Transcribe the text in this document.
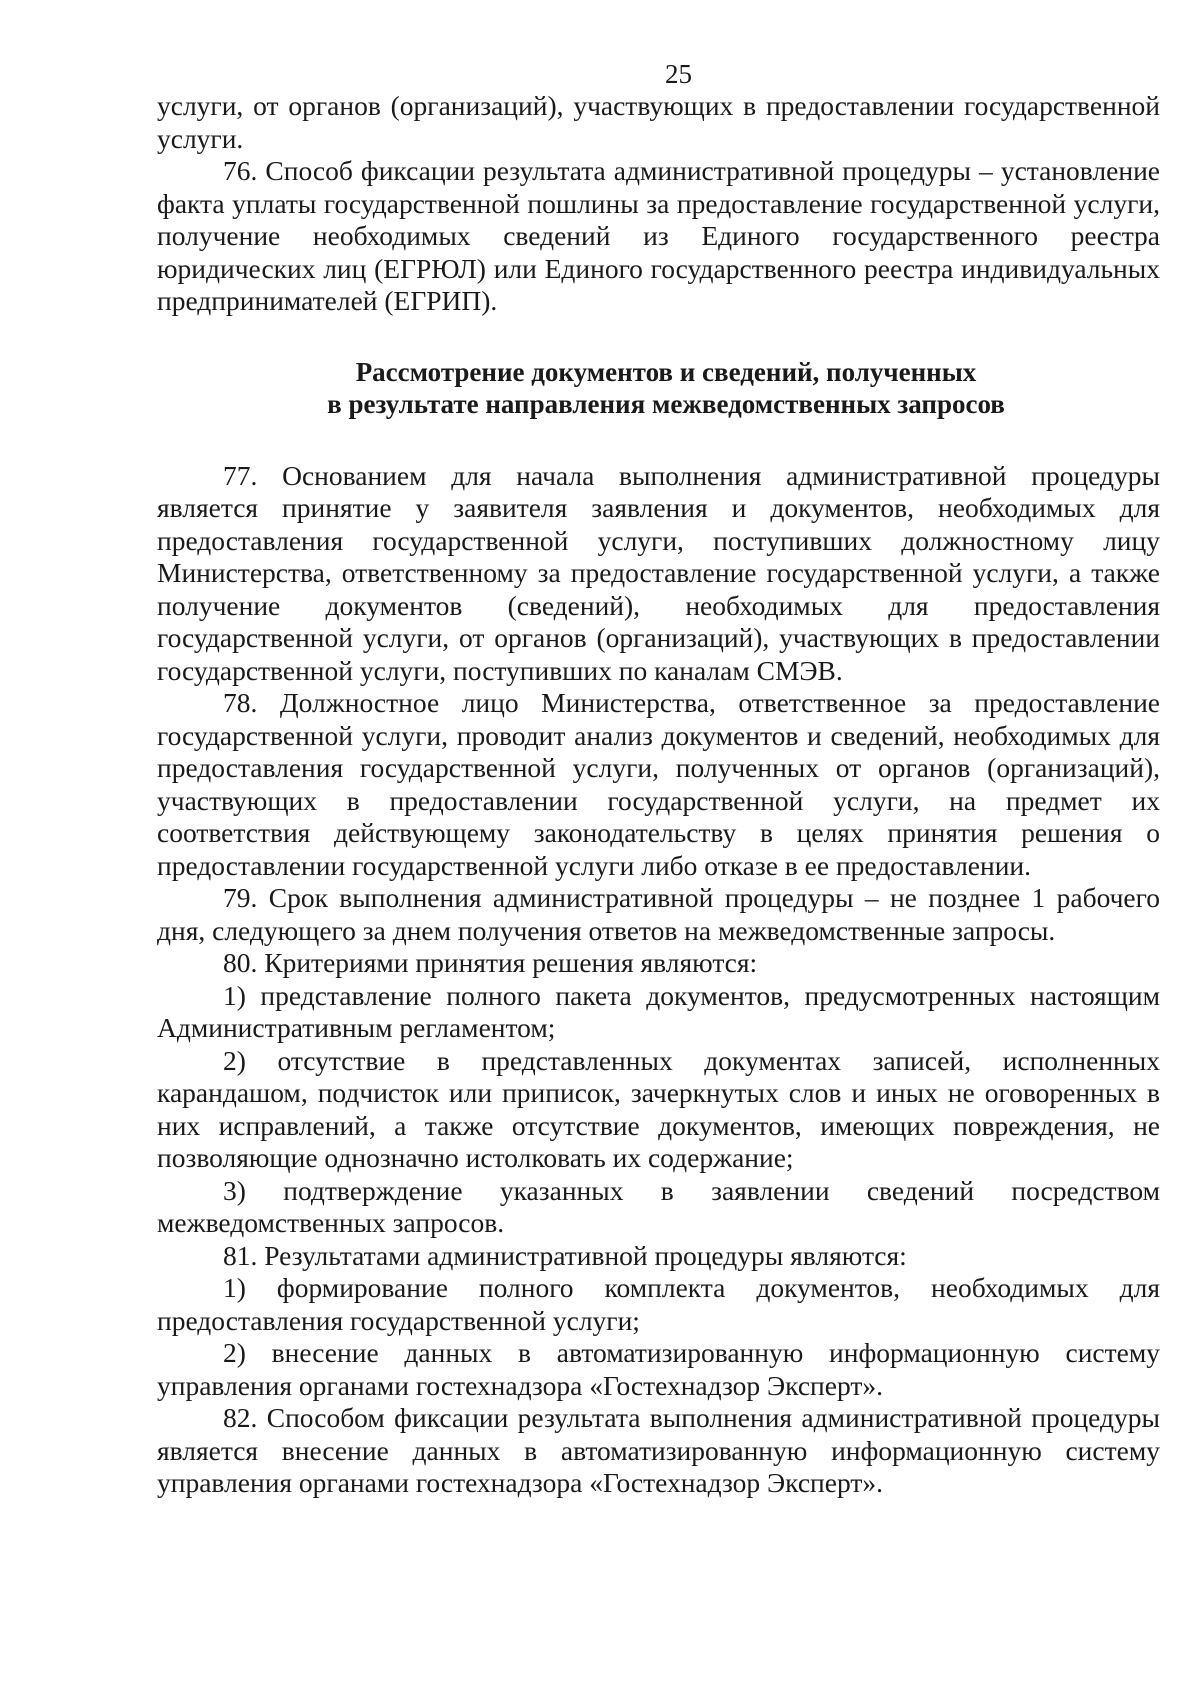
25

услуги, от органов (организаций), участвующих в предоставлении государственной услуги.

76. Способ фиксации результата административной процедуры – установление факта уплаты государственной пошлины за предоставление государственной услуги, получение необходимых сведений из Единого государственного реестра юридических лиц (ЕГРЮЛ) или Единого государственного реестра индивидуальных предпринимателей (ЕГРИП).

Рассмотрение документов и сведений, полученных
в результате направления межведомственных запросов

77. Основанием для начала выполнения административной процедуры является принятие у заявителя заявления и документов, необходимых для предоставления государственной услуги, поступивших должностному лицу Министерства, ответственному за предоставление государственной услуги, а также получение документов (сведений), необходимых для предоставления государственной услуги, от органов (организаций), участвующих в предоставлении государственной услуги, поступивших по каналам СМЭВ.

78. Должностное лицо Министерства, ответственное за предоставление государственной услуги, проводит анализ документов и сведений, необходимых для предоставления государственной услуги, полученных от органов (организаций), участвующих в предоставлении государственной услуги, на предмет их соответствия действующему законодательству в целях принятия решения о предоставлении государственной услуги либо отказе в ее предоставлении.

79. Срок выполнения административной процедуры – не позднее 1 рабочего дня, следующего за днем получения ответов на межведомственные запросы.

80. Критериями принятия решения являются:

1) представление полного пакета документов, предусмотренных настоящим Административным регламентом;

2) отсутствие в представленных документах записей, исполненных карандашом, подчисток или приписок, зачеркнутых слов и иных не оговоренных в них исправлений, а также отсутствие документов, имеющих повреждения, не позволяющие однозначно истолковать их содержание;

3) подтверждение указанных в заявлении сведений посредством межведомственных запросов.

81. Результатами административной процедуры являются:

1) формирование полного комплекта документов, необходимых для предоставления государственной услуги;

2) внесение данных в автоматизированную информационную систему управления органами гостехнадзора «Гостехнадзор Эксперт».

82. Способом фиксации результата выполнения административной процедуры является внесение данных в автоматизированную информационную систему управления органами гостехнадзора «Гостехнадзор Эксперт».
